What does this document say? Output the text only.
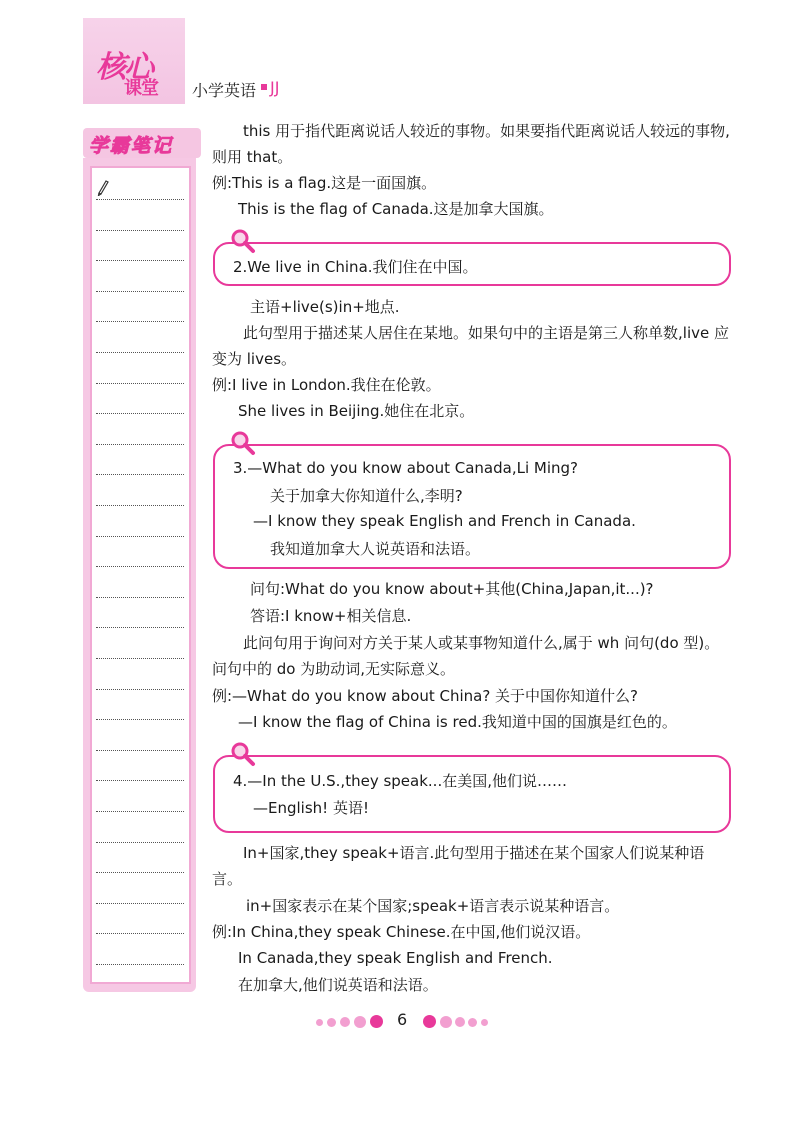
核心
课堂 小学英语 JJ
学霸笔记

this 用于指代距离说话人较近的事物。如果要指代距离说话人较远的事物,则用 that。

例:This is a flag.这是一面国旗。

This is the flag of Canada.这是加拿大国旗。

2.We live in China.我们住在中国。

主语+live(s)in+地点.

此句型用于描述某人居住在某地。如果句中的主语是第三人称单数,live 应变为 lives。

例:I live in London.我住在伦敦。

She lives in Beijing.她住在北京。

3.—What do you know about Canada,Li Ming?
关于加拿大你知道什么,李明?
—I know they speak English and French in Canada.
我知道加拿大人说英语和法语。

问句:What do you know about+其他(China,Japan,it...)?

答语:I know+相关信息.

此问句用于询问对方关于某人或某事物知道什么,属于 wh 问句(do 型)。问句中的 do 为助动词,无实际意义。

例:—What do you know about China? 关于中国你知道什么?

—I know the flag of China is red.我知道中国的国旗是红色的。

4.—In the U.S.,they speak...在美国,他们说……
—English! 英语!

In+国家,they speak+语言.此句型用于描述在某个国家人们说某种语言。

in+国家表示在某个国家;speak+语言表示说某种语言。

例:In China,they speak Chinese.在中国,他们说汉语。

In Canada,they speak English and French.

在加拿大,他们说英语和法语。

6
